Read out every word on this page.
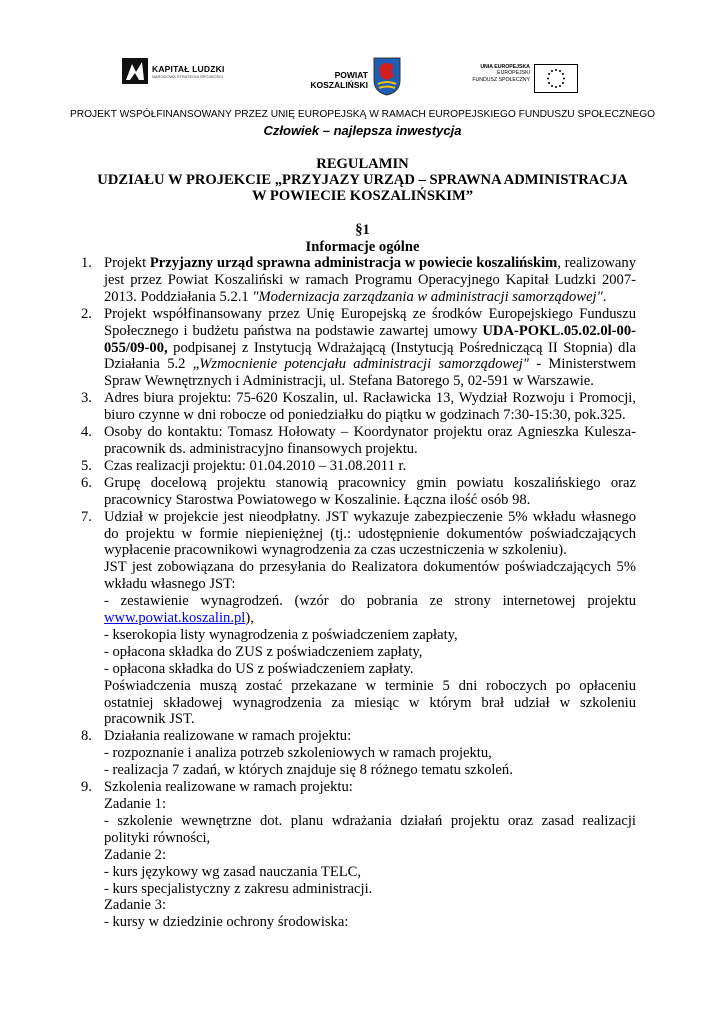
KAPITAŁ LUDZKI
NARODOWA STRATEGIA SPÓJNOŚCI	POWIAT
KOSZALIŃSKI
UNIA EUROPEJSKA
EUROPEJSKI
FUNDUSZ SPOŁECZNY
PROJEKT WSPÓŁFINANSOWANY PRZEZ UNIĘ EUROPEJSKĄ W RAMACH EUROPEJSKIEGO FUNDUSZU SPOŁECZNEGO
Człowiek – najlepsza inwestycja
REGULAMIN
UDZIAŁU W PROJEKCIE „PRZYJAZY URZĄD – SPRAWNA ADMINISTRACJA
W POWIECIE KOSZALIŃSKIM”
§1
Informacje ogólne
1. Projekt Przyjazny urząd sprawna administracja w powiecie koszalińskim, realizowany jest przez Powiat Koszaliński w ramach Programu Operacyjnego Kapitał Ludzki 2007-2013. Poddziałania 5.2.1 "Modernizacja zarządzania w administracji samorządowej".
2. Projekt współfinansowany przez Unię Europejską ze środków Europejskiego Funduszu Społecznego i budżetu państwa na podstawie zawartej umowy UDA-POKL.05.02.0l-00-055/09-00, podpisanej z Instytucją Wdrażającą (Instytucją Pośredniczącą II Stopnia) dla Działania 5.2 „Wzmocnienie potencjału administracji samorządowej" - Ministerstwem Spraw Wewnętrznych i Administracji, ul. Stefana Batorego 5, 02-591 w Warszawie.
3. Adres biura projektu: 75-620 Koszalin, ul. Racławicka 13, Wydział Rozwoju i Promocji, biuro czynne w dni robocze od poniedziałku do piątku w godzinach 7:30-15:30, pok.325.
4. Osoby do kontaktu: Tomasz Hołowaty – Koordynator projektu oraz Agnieszka Kulesza-pracownik ds. administracyjno finansowych projektu.
5. Czas realizacji projektu: 01.04.2010 – 31.08.2011 r.
6. Grupę docelową projektu stanowią pracownicy gmin powiatu koszalińskiego oraz pracownicy Starostwa Powiatowego w Koszalinie. Łączna ilość osób 98.
7. Udział w projekcie jest nieodpłatny. JST wykazuje zabezpieczenie 5% wkładu własnego do projektu w formie niepieniężnej (tj.: udostępnienie dokumentów poświadczających wypłacenie pracownikowi wynagrodzenia za czas uczestniczenia w szkoleniu).
JST jest zobowiązana do przesyłania do Realizatora dokumentów poświadczających 5% wkładu własnego JST:
- zestawienie wynagrodzeń. (wzór do pobrania ze strony internetowej projektu www.powiat.koszalin.pl),
- kserokopia listy wynagrodzenia z poświadczeniem zapłaty,
- opłacona składka do ZUS z poświadczeniem zapłaty,
- opłacona składka do US z poświadczeniem zapłaty.
Poświadczenia muszą zostać przekazane w terminie 5 dni roboczych po opłaceniu ostatniej składowej wynagrodzenia za miesiąc w którym brał udział w szkoleniu pracownik JST.
8. Działania realizowane w ramach projektu:
- rozpoznanie i analiza potrzeb szkoleniowych w ramach projektu,
- realizacja 7 zadań, w których znajduje się 8 różnego tematu szkoleń.
9. Szkolenia realizowane w ramach projektu:
Zadanie 1:
- szkolenie wewnętrzne dot. planu wdrażania działań projektu oraz zasad realizacji polityki równości,
Zadanie 2:
- kurs językowy wg zasad nauczania TELC,
- kurs specjalistyczny z zakresu administracji.
Zadanie 3:
- kursy w dziedzinie ochrony środowiska:
